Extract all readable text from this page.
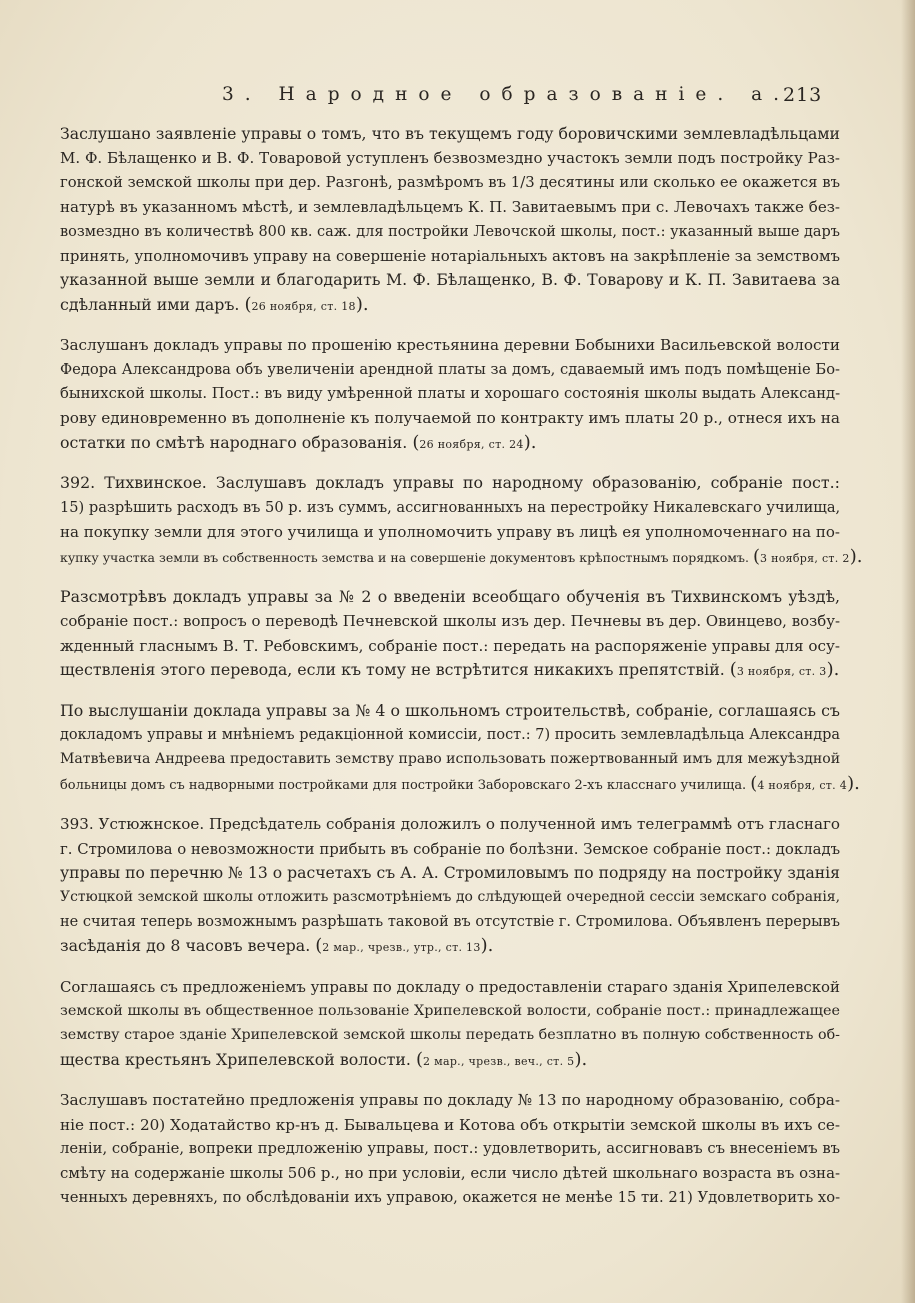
3. Народное образованіе. а.
213
Заслушано заявленіе управы о томъ, что въ текущемъ году боровичскими землевладѣльцами
М. Ф. Бѣлащенко и В. Ф. Товаровой уступленъ безвозмездно участокъ земли подъ постройку Раз-
гонской земской школы при дер. Разгонѣ, размѣромъ въ 1/3 десятины или сколько ее окажется въ
натурѣ въ указанномъ мѣстѣ, и землевладѣльцемъ К. П. Завитаевымъ при с. Левочахъ также без-
возмездно въ количествѣ 800 кв. саж. для постройки Левочской школы, пост.: указанный выше даръ
принять, уполномочивъ управу на совершеніе нотаріальныхъ актовъ на закрѣпленіе за земствомъ
указанной выше земли и благодарить М. Ф. Бѣлащенко, В. Ф. Товарову и К. П. Завитаева за
сдѣланный ими даръ. (26 ноября, ст. 18).
Заслушанъ докладъ управы по прошенію крестьянина деревни Бобынихи Васильевской волости
Федора Александрова объ увеличеніи арендной платы за домъ, сдаваемый имъ подъ помѣщеніе Бо-
бынихской школы. Пост.: въ виду умѣренной платы и хорошаго состоянія школы выдать Александ-
рову единовременно въ дополненіе къ получаемой по контракту имъ платы 20 р., отнеся ихъ на
остатки по смѣтѣ народнаго образованія. (26 ноября, ст. 24).
392. Тихвинское. Заслушавъ докладъ управы по народному образованію, собраніе пост.:
15) разрѣшить расходъ въ 50 р. изъ суммъ, ассигнованныхъ на перестройку Никалевскаго училища,
на покупку земли для этого училища и уполномочить управу въ лицѣ ея уполномоченнаго на по-
купку участка земли въ собственность земства и на совершеніе документовъ крѣпостнымъ порядкомъ. (3 ноября, ст. 2).
Разсмотрѣвъ докладъ управы за № 2 о введеніи всеобщаго обученія въ Тихвинскомъ уѣздѣ,
собраніе пост.: вопросъ о переводѣ Печневской школы изъ дер. Печневы въ дер. Овинцево, возбу-
жденный гласнымъ В. Т. Ребовскимъ, собраніе пост.: передать на распоряженіе управы для осу-
ществленія этого перевода, если къ тому не встрѣтится никакихъ препятствій. (3 ноября, ст. 3).
По выслушаніи доклада управы за № 4 о школьномъ строительствѣ, собраніе, соглашаясь съ
докладомъ управы и мнѣніемъ редакціонной комиссіи, пост.: 7) просить землевладѣльца Александра
Матвѣевича Андреева предоставить земству право использовать пожертвованный имъ для межуѣздной
больницы домъ съ надворными постройками для постройки Заборовскаго 2-хъ класснаго училища. (4 ноября, ст. 4).
393. Устюжнское. Предсѣдатель собранія доложилъ о полученной имъ телеграммѣ отъ гласнаго
г. Стромилова о невозможности прибыть въ собраніе по болѣзни. Земское собраніе пост.: докладъ
управы по перечню № 13 о расчетахъ съ А. А. Стромиловымъ по подряду на постройку зданія
Устюцкой земской школы отложить разсмотрѣніемъ до слѣдующей очередной сессіи земскаго собранія,
не считая теперь возможнымъ разрѣшать таковой въ отсутствіе г. Стромилова. Объявленъ перерывъ
засѣданія до 8 часовъ вечера. (2 мар., чрезв., утр., ст. 13).
Соглашаясь съ предложеніемъ управы по докладу о предоставленіи стараго зданія Хрипелевской
земской школы въ общественное пользованіе Хрипелевской волости, собраніе пост.: принадлежащее
земству старое зданіе Хрипелевской земской школы передать безплатно въ полную собственность об-
щества крестьянъ Хрипелевской волости. (2 мар., чрезв., веч., ст. 5).
Заслушавъ постатейно предложенія управы по докладу № 13 по народному образованію, собра-
ніе пост.: 20) Ходатайство кр-нъ д. Бывальцева и Котова объ открытіи земской школы въ ихъ се-
леніи, собраніе, вопреки предложенію управы, пост.: удовлетворить, ассигновавъ съ внесеніемъ въ
смѣту на содержаніе школы 506 р., но при условіи, если число дѣтей школьнаго возраста въ озна-
ченныхъ деревняхъ, по обслѣдованіи ихъ управою, окажется не менѣе 15 ти. 21) Удовлетворить хо-
